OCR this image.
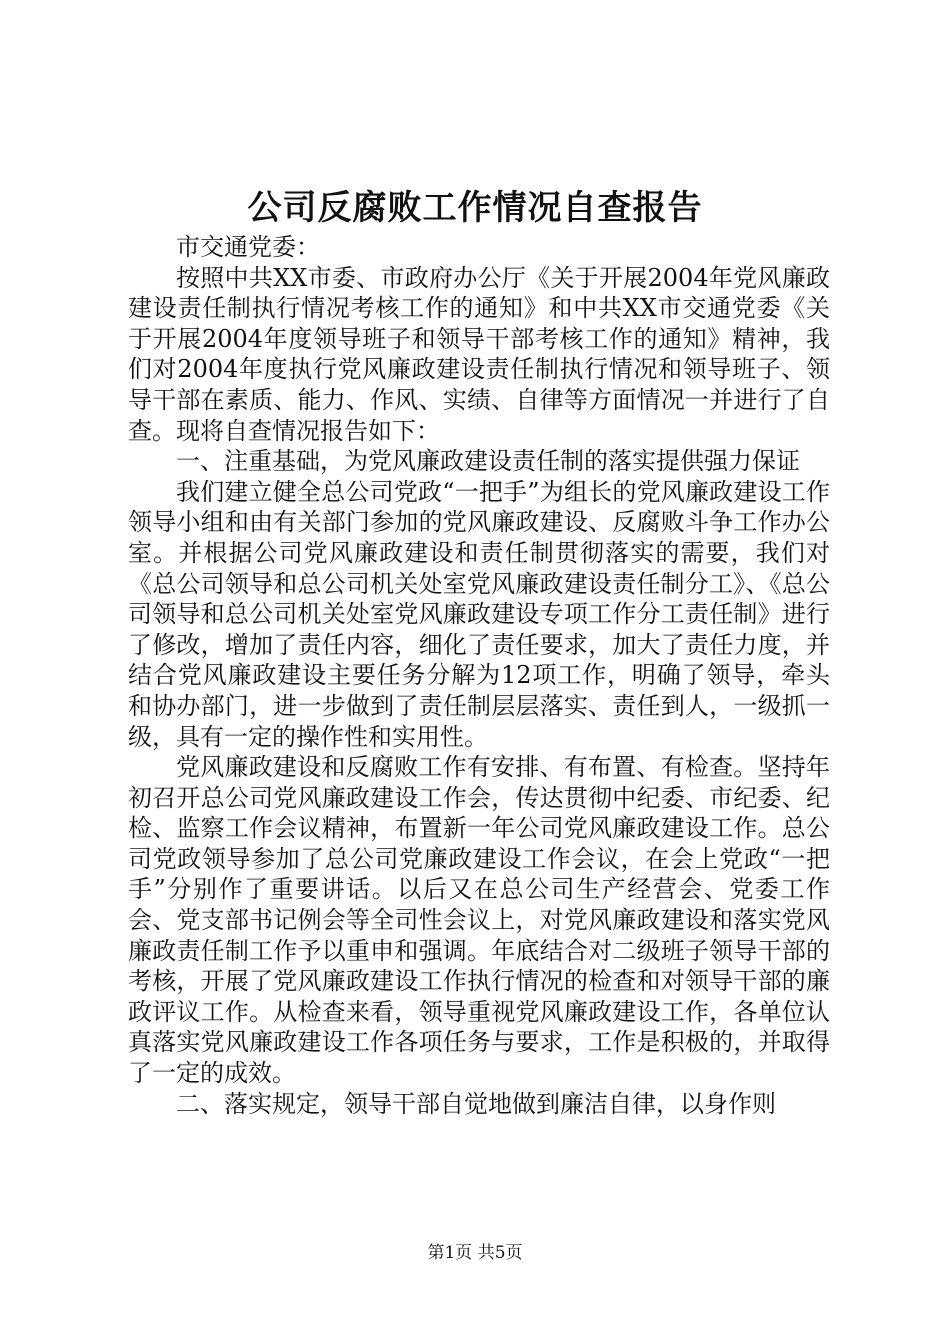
公司反腐败工作情况自查报告

市交通党委：

按照中共XX市委、市政府办公厅《关于开展2004年党风廉政建设责任制执行情况考核工作的通知》和中共XX市交通党委《关于开展2004年度领导班子和领导干部考核工作的通知》精神，我们对2004年度执行党风廉政建设责任制执行情况和领导班子、领导干部在素质、能力、作风、实绩、自律等方面情况一并进行了自查。现将自查情况报告如下：

一、注重基础，为党风廉政建设责任制的落实提供强力保证

我们建立健全总公司党政“一把手”为组长的党风廉政建设工作领导小组和由有关部门参加的党风廉政建设、反腐败斗争工作办公室。并根据公司党风廉政建设和责任制贯彻落实的需要，我们对《总公司领导和总公司机关处室党风廉政建设责任制分工》、《总公司领导和总公司机关处室党风廉政建设专项工作分工责任制》进行了修改，增加了责任内容，细化了责任要求，加大了责任力度，并结合党风廉政建设主要任务分解为12项工作，明确了领导，牵头和协办部门，进一步做到了责任制层层落实、责任到人，一级抓一级，具有一定的操作性和实用性。

党风廉政建设和反腐败工作有安排、有布置、有检查。坚持年初召开总公司党风廉政建设工作会，传达贯彻中纪委、市纪委、纪检、监察工作会议精神，布置新一年公司党风廉政建设工作。总公司党政领导参加了总公司党廉政建设工作会议，在会上党政“一把手”分别作了重要讲话。以后又在总公司生产经营会、党委工作会、党支部书记例会等全司性会议上，对党风廉政建设和落实党风廉政责任制工作予以重申和强调。年底结合对二级班子领导干部的考核，开展了党风廉政建设工作执行情况的检查和对领导干部的廉政评议工作。从检查来看，领导重视党风廉政建设工作，各单位认真落实党风廉政建设工作各项任务与要求，工作是积极的，并取得了一定的成效。

二、落实规定，领导干部自觉地做到廉洁自律，以身作则

第1页 共5页
